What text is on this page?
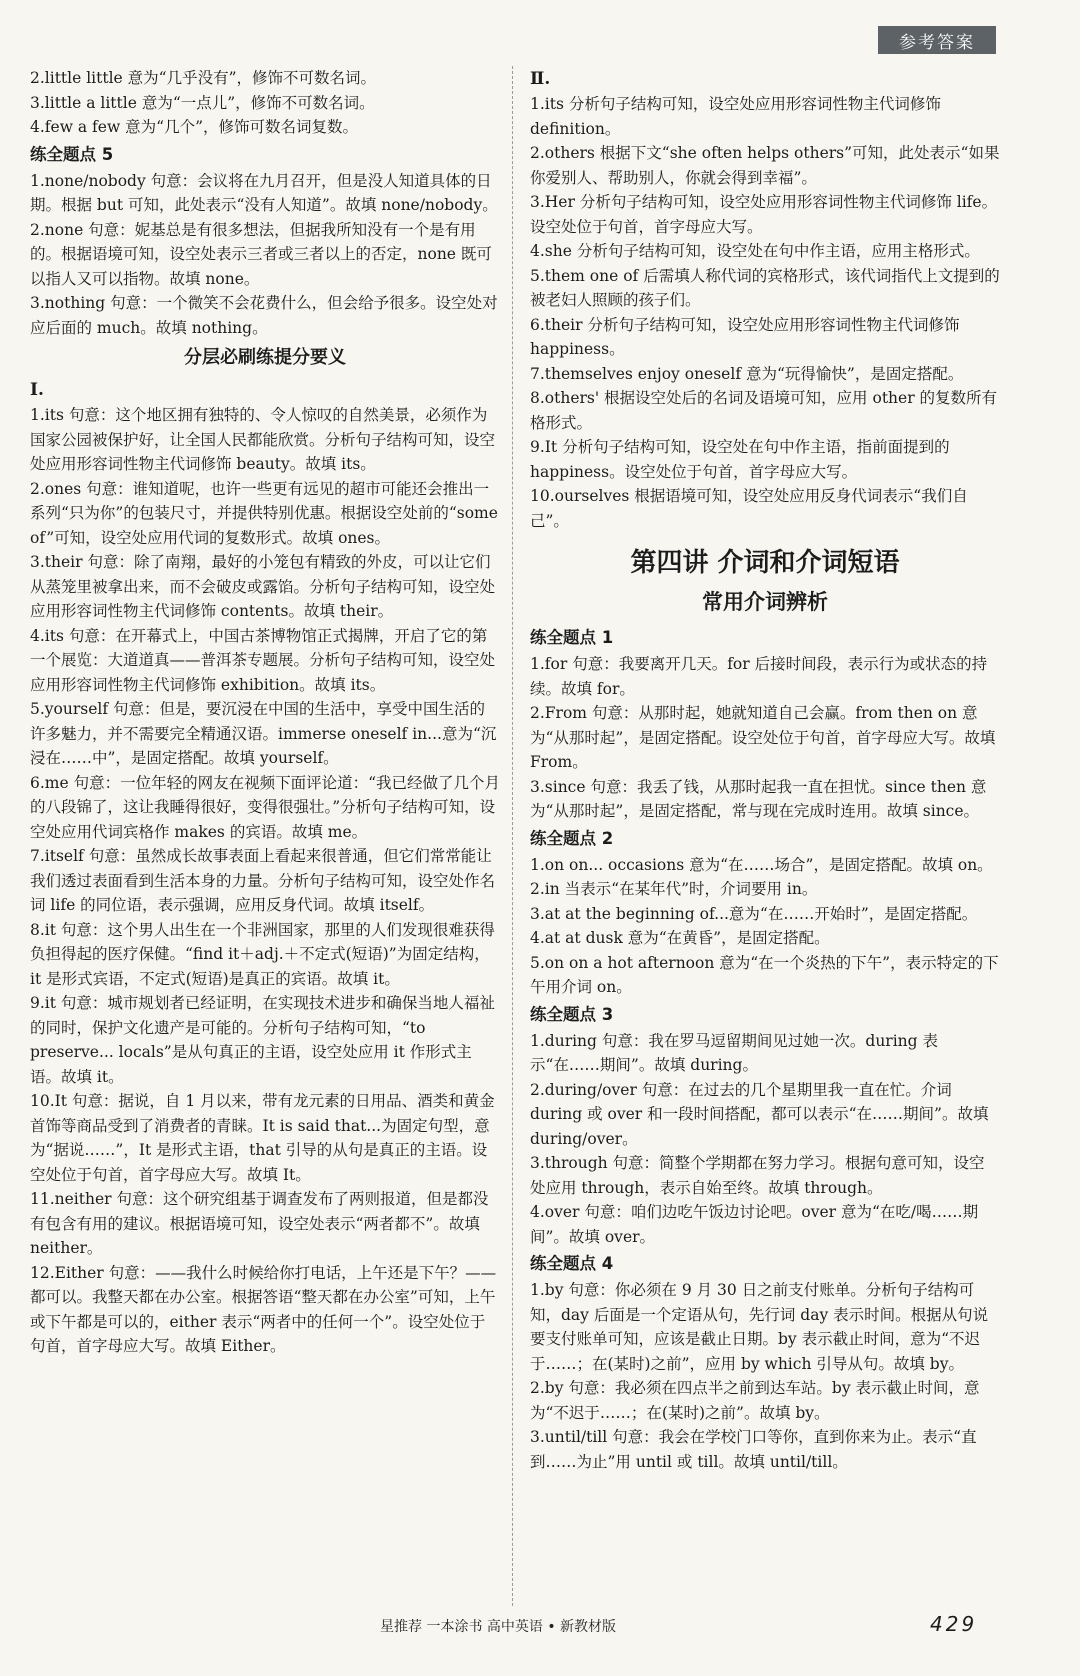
参考答案
2.little little 意为“几乎没有”，修饰不可数名词。
3.little a little 意为“一点儿”，修饰不可数名词。
4.few a few 意为“几个”，修饰可数名词复数。
练全题点 5
1.none/nobody 句意：会议将在九月召开，但是没人知道具体的日期。根据 but 可知，此处表示“没有人知道”。故填 none/nobody。
2.none 句意：妮基总是有很多想法，但据我所知没有一个是有用的。根据语境可知，设空处表示三者或三者以上的否定，none 既可以指人又可以指物。故填 none。
3.nothing 句意：一个微笑不会花费什么，但会给予很多。设空处对应后面的 much。故填 nothing。
分层必刷练提分要义
Ⅰ.
1.its 句意：这个地区拥有独特的、令人惊叹的自然美景，必须作为国家公园被保护好，让全国人民都能欣赏。分析句子结构可知，设空处应用形容词性物主代词修饰 beauty。故填 its。
2.ones 句意：谁知道呢，也许一些更有远见的超市可能还会推出一系列“只为你”的包装尺寸，并提供特别优惠。根据设空处前的“some of”可知，设空处应用代词的复数形式。故填 ones。
3.their 句意：除了南翔，最好的小笼包有精致的外皮，可以让它们从蒸笼里被拿出来，而不会破皮或露馅。分析句子结构可知，设空处应用形容词性物主代词修饰 contents。故填 their。
4.its 句意：在开幕式上，中国古茶博物馆正式揭牌，开启了它的第一个展览：大道道真——普洱茶专题展。分析句子结构可知，设空处应用形容词性物主代词修饰 exhibition。故填 its。
5.yourself 句意：但是，要沉浸在中国的生活中，享受中国生活的许多魅力，并不需要完全精通汉语。immerse oneself in...意为“沉浸在……中”，是固定搭配。故填 yourself。
6.me 句意：一位年轻的网友在视频下面评论道：“我已经做了几个月的八段锦了，这让我睡得很好，变得很强壮。”分析句子结构可知，设空处应用代词宾格作 makes 的宾语。故填 me。
7.itself 句意：虽然成长故事表面上看起来很普通，但它们常常能让我们透过表面看到生活本身的力量。分析句子结构可知，设空处作名词 life 的同位语，表示强调，应用反身代词。故填 itself。
8.it 句意：这个男人出生在一个非洲国家，那里的人们发现很难获得负担得起的医疗保健。“find it＋adj.＋不定式(短语)”为固定结构，it 是形式宾语，不定式(短语)是真正的宾语。故填 it。
9.it 句意：城市规划者已经证明，在实现技术进步和确保当地人福祉的同时，保护文化遗产是可能的。分析句子结构可知，“to preserve... locals”是从句真正的主语，设空处应用 it 作形式主语。故填 it。
10.It 句意：据说，自 1 月以来，带有龙元素的日用品、酒类和黄金首饰等商品受到了消费者的青睐。It is said that...为固定句型，意为“据说……”，It 是形式主语，that 引导的从句是真正的主语。设空处位于句首，首字母应大写。故填 It。
11.neither 句意：这个研究组基于调查发布了两则报道，但是都没有包含有用的建议。根据语境可知，设空处表示“两者都不”。故填 neither。
12.Either 句意：——我什么时候给你打电话，上午还是下午？——都可以。我整天都在办公室。根据答语“整天都在办公室”可知，上午或下午都是可以的，either 表示“两者中的任何一个”。设空处位于句首，首字母应大写。故填 Either。
Ⅱ.
1.its 分析句子结构可知，设空处应用形容词性物主代词修饰 definition。
2.others 根据下文“she often helps others”可知，此处表示“如果你爱别人、帮助别人，你就会得到幸福”。
3.Her 分析句子结构可知，设空处应用形容词性物主代词修饰 life。设空处位于句首，首字母应大写。
4.she 分析句子结构可知，设空处在句中作主语，应用主格形式。
5.them one of 后需填人称代词的宾格形式，该代词指代上文提到的被老妇人照顾的孩子们。
6.their 分析句子结构可知，设空处应用形容词性物主代词修饰 happiness。
7.themselves enjoy oneself 意为“玩得愉快”，是固定搭配。
8.others' 根据设空处后的名词及语境可知，应用 other 的复数所有格形式。
9.It 分析句子结构可知，设空处在句中作主语，指前面提到的 happiness。设空处位于句首，首字母应大写。
10.ourselves 根据语境可知，设空处应用反身代词表示“我们自己”。
第四讲 介词和介词短语
常用介词辨析
练全题点 1
1.for 句意：我要离开几天。for 后接时间段，表示行为或状态的持续。故填 for。
2.From 句意：从那时起，她就知道自己会赢。from then on 意为“从那时起”，是固定搭配。设空处位于句首，首字母应大写。故填 From。
3.since 句意：我丢了钱，从那时起我一直在担忧。since then 意为“从那时起”，是固定搭配，常与现在完成时连用。故填 since。
练全题点 2
1.on on... occasions 意为“在……场合”，是固定搭配。故填 on。
2.in 当表示“在某年代”时，介词要用 in。
3.at at the beginning of...意为“在……开始时”，是固定搭配。
4.at at dusk 意为“在黄昏”，是固定搭配。
5.on on a hot afternoon 意为“在一个炎热的下午”，表示特定的下午用介词 on。
练全题点 3
1.during 句意：我在罗马逗留期间见过她一次。during 表示“在……期间”。故填 during。
2.during/over 句意：在过去的几个星期里我一直在忙。介词 during 或 over 和一段时间搭配，都可以表示“在……期间”。故填 during/over。
3.through 句意：简整个学期都在努力学习。根据句意可知，设空处应用 through，表示自始至终。故填 through。
4.over 句意：咱们边吃午饭边讨论吧。over 意为“在吃/喝……期间”。故填 over。
练全题点 4
1.by 句意：你必须在 9 月 30 日之前支付账单。分析句子结构可知，day 后面是一个定语从句，先行词 day 表示时间。根据从句说要支付账单可知，应该是截止日期。by 表示截止时间，意为“不迟于……；在(某时)之前”，应用 by which 引导从句。故填 by。
2.by 句意：我必须在四点半之前到达车站。by 表示截止时间，意为“不迟于……；在(某时)之前”。故填 by。
3.until/till 句意：我会在学校门口等你，直到你来为止。表示“直到……为止”用 until 或 till。故填 until/till。
星推荐 一本涂书 高中英语 • 新教材版	429
